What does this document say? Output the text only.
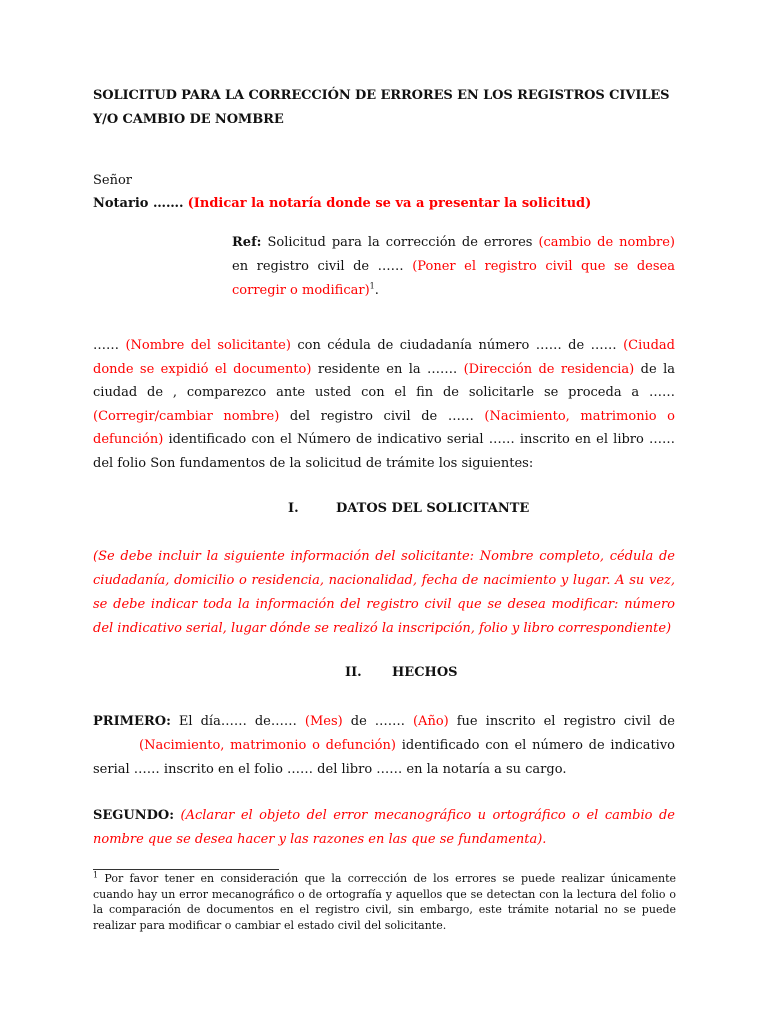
SOLICITUD PARA LA CORRECCIÓN DE ERRORES EN LOS REGISTROS CIVILES Y/O CAMBIO DE NOMBRE
Señor
Notario ……. (Indicar la notaría donde se va a presentar la solicitud)
Ref: Solicitud para la corrección de errores (cambio de nombre) en registro civil de …… (Poner el registro civil que se desea corregir o modificar)$^1$.
…… (Nombre del solicitante) con cédula de ciudadanía número …… de …… (Ciudad donde se expidió el documento) residente en la ……. (Dirección de residencia) de la ciudad de , comparezco ante usted con el fin de solicitarle se proceda a …… (Corregir/cambiar nombre) del registro civil de …… (Nacimiento, matrimonio o defunción) identificado con el Número de indicativo serial …… inscrito en el libro …… del folio Son fundamentos de la solicitud de trámite los siguientes:
I.	DATOS DEL SOLICITANTE
(Se debe incluir la siguiente información del solicitante: Nombre completo, cédula de ciudadanía, domicilio o residencia, nacionalidad, fecha de nacimiento y lugar. A su vez, se debe indicar toda la información del registro civil que se desea modificar: número del indicativo serial, lugar dónde se realizó la inscripción, folio y libro correspondiente)
II. HECHOS
PRIMERO: El día…… de…… (Mes) de ……. (Año) fue inscrito el registro civil de         (Nacimiento, matrimonio o defunción) identificado con el número de indicativo serial …… inscrito en el folio …… del libro …… en la notaría a su cargo.
SEGUNDO: (Aclarar el objeto del error mecanográfico u ortográfico o el cambio de nombre que se desea hacer y las razones en las que se fundamenta).
$^1$ Por favor tener en consideración que la corrección de los errores se puede realizar únicamente cuando hay un error mecanográfico o de ortografía y aquellos que se detectan con la lectura del folio o la comparación de documentos en el registro civil, sin embargo, este trámite notarial no se puede realizar para modificar o cambiar el estado civil del solicitante.
